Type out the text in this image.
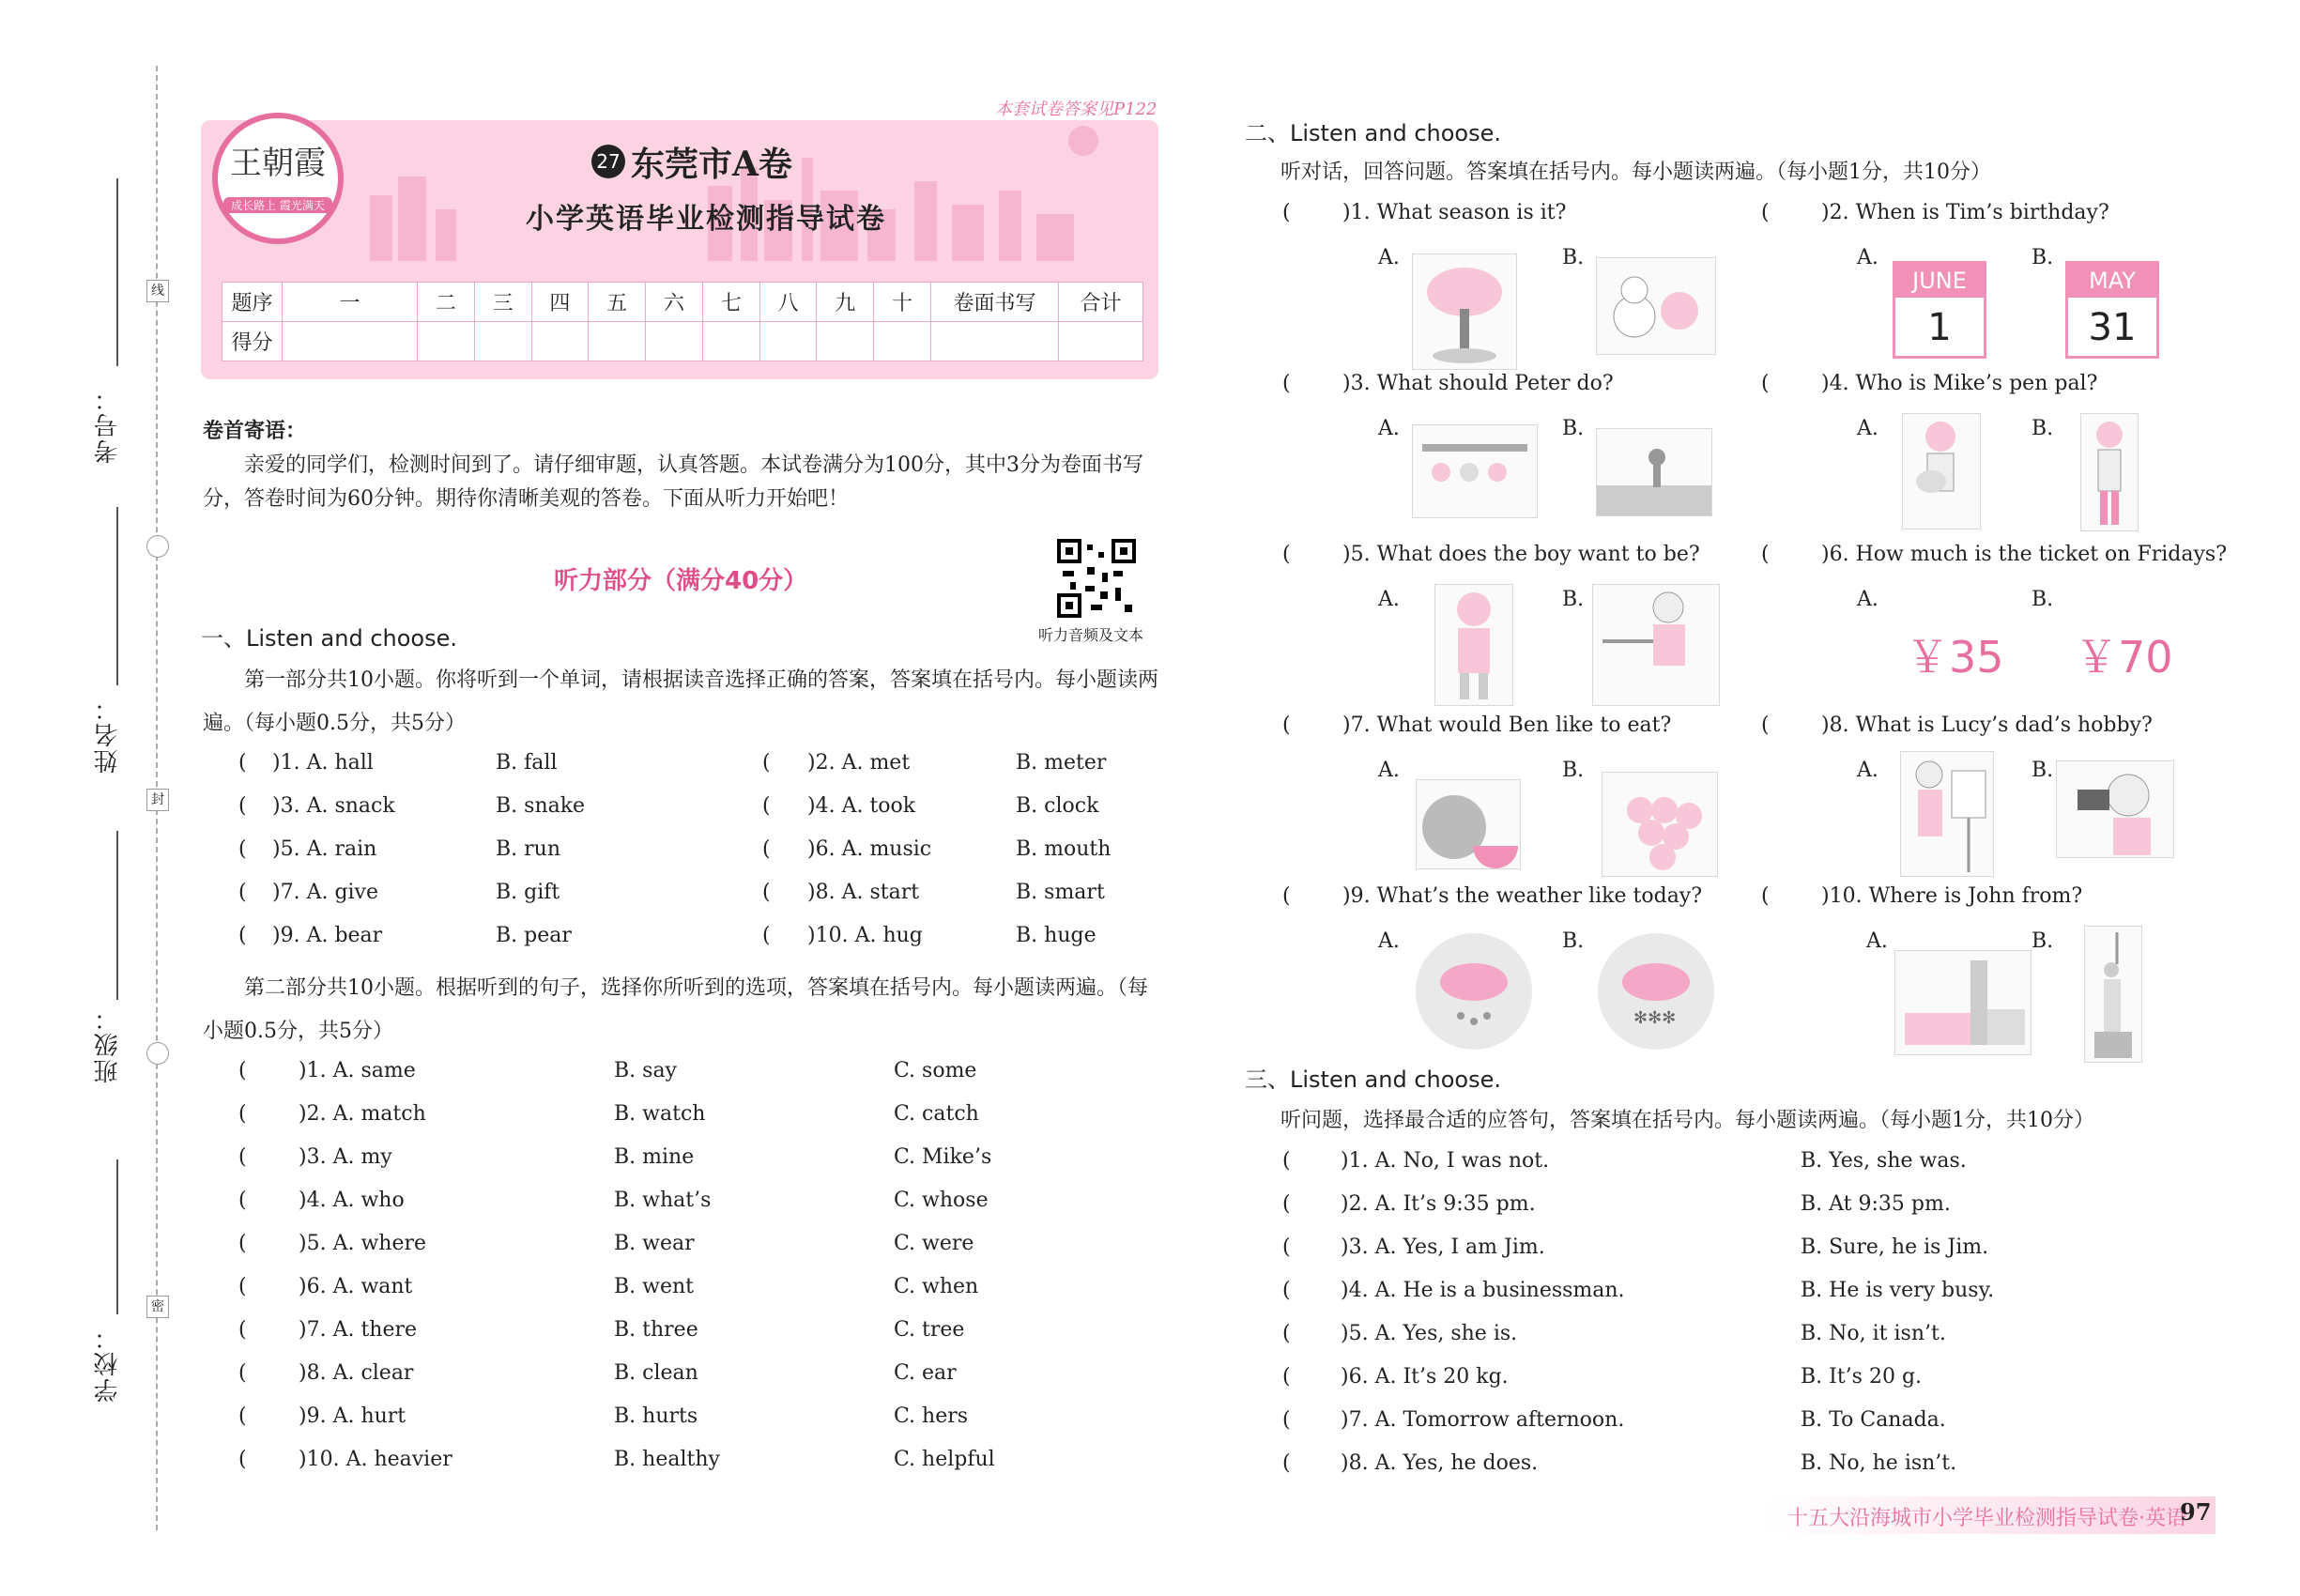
线
封
密
考号：
姓名：
班级：
学校：
本套试卷答案见P122
王朝霞
成长路上 霞光满天
27 东莞市A卷
小学英语毕业检测指导试卷
题序	一	二	三	四	五	六	七	八	九	十	卷面书写	合计
得分												
卷首寄语：
亲爱的同学们，检测时间到了。请仔细审题，认真答题。本试卷满分为100分，其中3分为卷面书写分，答卷时间为60分钟。期待你清晰美观的答卷。下面从听力开始吧！
听力部分（满分40分）
听力音频及文本
一、Listen and choose.
第一部分共10小题。你将听到一个单词，请根据读音选择正确的答案，答案填在括号内。每小题读两遍。（每小题0.5分，共5分）
( )1. A. hall	B. fall	( )2. A. met	B. meter
( )3. A. snack	B. snake	( )4. A. took	B. clock
( )5. A. rain	B. run	( )6. A. music	B. mouth
( )7. A. give	B. gift	( )8. A. start	B. smart
( )9. A. bear	B. pear	( )10. A. hug	B. huge
第二部分共10小题。根据听到的句子，选择你所听到的选项，答案填在括号内。每小题读两遍。（每小题0.5分，共5分）
(	)1. A. same	B. say	C. some
(	)2. A. match	B. watch	C. catch
(	)3. A. my	B. mine	C. Mike’s
(	)4. A. who	B. what’s	C. whose
(	)5. A. where	B. wear	C. were
(	)6. A. want	B. went	C. when
(	)7. A. there	B. three	C. tree
(	)8. A. clear	B. clean	C. ear
(	)9. A. hurt	B. hurts	C. hers
(	)10. A. heavier	B. healthy	C. helpful
二、Listen and choose.
听对话，回答问题。答案填在括号内。每小题读两遍。（每小题1分，共10分）
(	)1. What season is it?	(	)2. When is Tim’s birthday?
A.	B.	A.
JUNE
1
B.
MAY
31
(	)3. What should Peter do?	(	)4. Who is Mike’s pen pal?
A.	B.	A.	B.
(	)5. What does the boy want to be?	(	)6. How much is the ticket on Fridays?
A.	B.	A.
￥35
B.
￥70
(	)7. What would Ben like to eat?	(	)8. What is Lucy’s dad’s hobby?
A.	B.	A.	B.
(	)9. What’s the weather like today?	(	)10. Where is John from?
A.	B.
✻✻✻
A.	B.
三、Listen and choose.
听问题，选择最合适的应答句，答案填在括号内。每小题读两遍。（每小题1分，共10分）
( )1. A. No, I was not.	B. Yes, she was.
( )2. A. It’s 9:35 pm.	B. At 9:35 pm.
( )3. A. Yes, I am Jim.	B. Sure, he is Jim.
( )4. A. He is a businessman.	B. He is very busy.
( )5. A. Yes, she is.	B. No, it isn’t.
( )6. A. It’s 20 kg.	B. It’s 20 g.
( )7. A. Tomorrow afternoon.	B. To Canada.
( )8. A. Yes, he does.	B. No, he isn’t.
十五大沿海城市小学毕业检测指导试卷·英语
97
